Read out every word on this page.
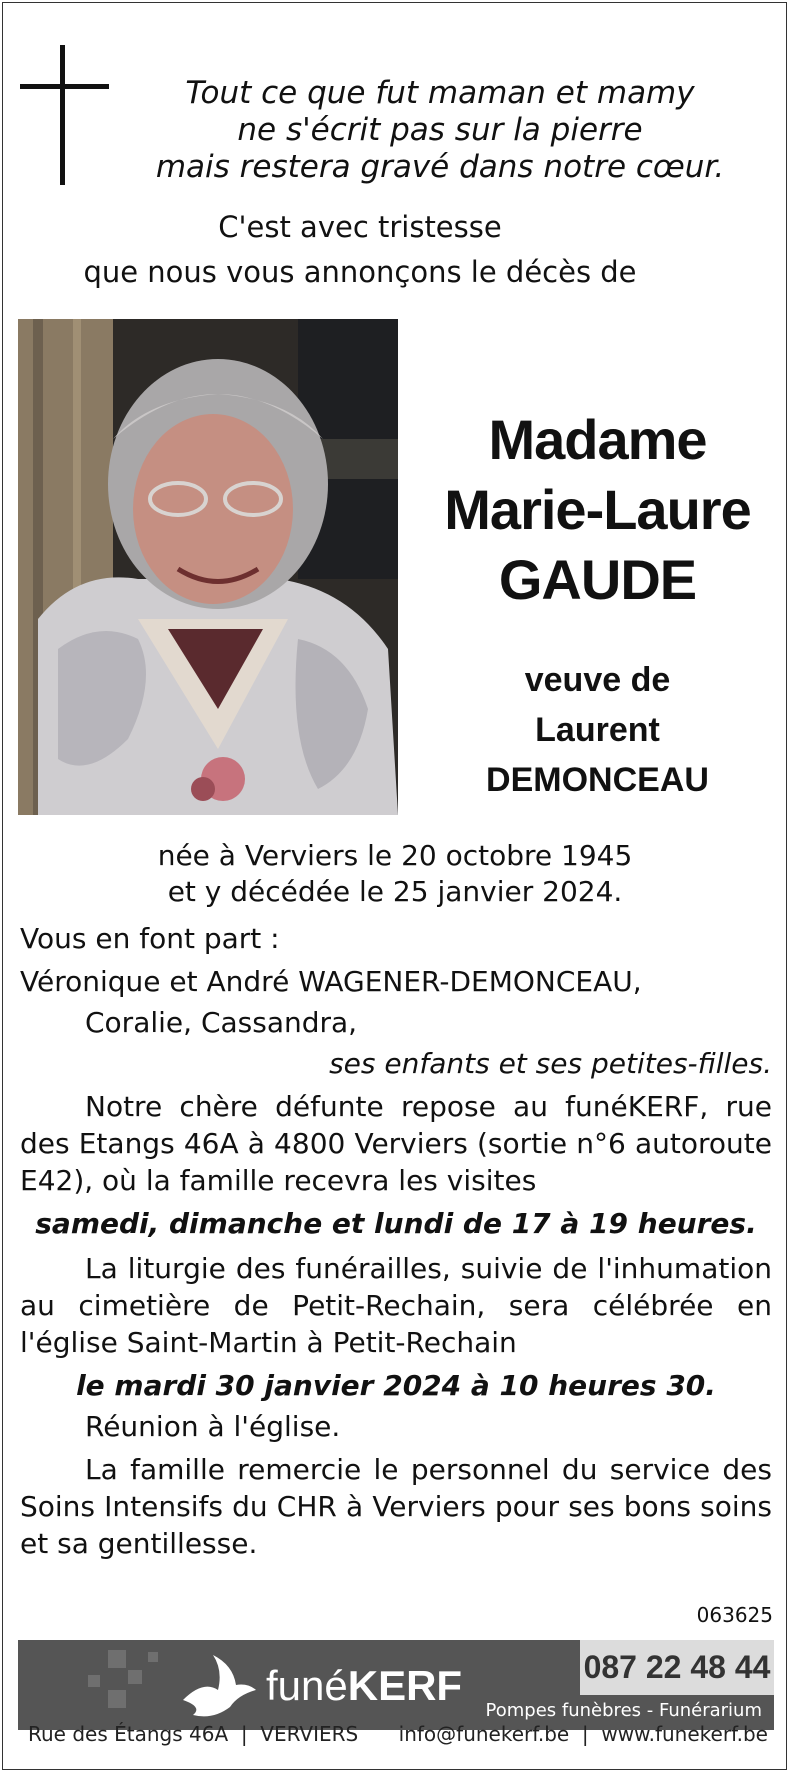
Tout ce que fut maman et mamy
ne s'écrit pas sur la pierre
mais restera gravé dans notre cœur.
C'est avec tristesse
que nous vous annonçons le décès de
Madame
Marie-Laure
GAUDE
veuve de
Laurent DEMONCEAU
née à Verviers le 20 octobre 1945
et y décédée le 25 janvier 2024.

Vous en font part :

Véronique et André WAGENER-DEMONCEAU,

Coralie, Cassandra,

ses enfants et ses petites-filles.

Notre chère défunte repose au funéKERF, rue des Etangs 46A à 4800 Verviers (sortie n°6 autoroute E42), où la famille recevra les visites

samedi, dimanche et lundi de 17 à 19 heures.

La liturgie des funérailles, suivie de l'inhumation au cimetière de Petit-Rechain, sera célébrée en l'église Saint-Martin à Petit-Rechain

le mardi 30 janvier 2024 à 10 heures 30.

Réunion à l'église.

La famille remercie le personnel du service des Soins Intensifs du CHR à Verviers pour ses bons soins et sa gentillesse.

063625
funéKERF	087 22 48 44
Pompes funèbres - Funérarium
Rue des Étangs 46A  |  VERVIERS info@funekerf.be  |  www.funekerf.be
